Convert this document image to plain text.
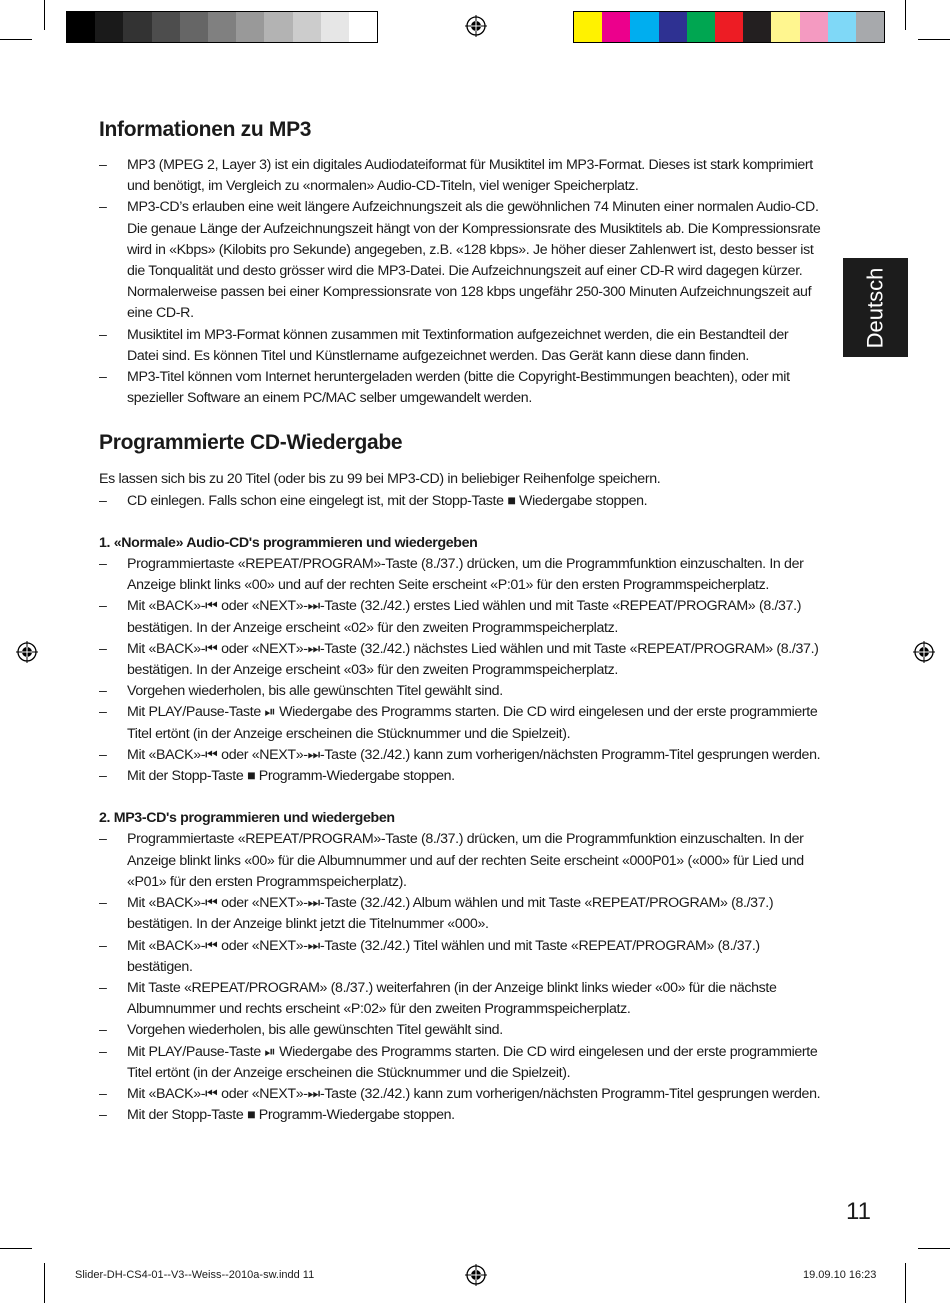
Deutsch
Informationen zu MP3
– MP3 (MPEG 2, Layer 3) ist ein digitales Audiodateiformat für Musiktitel im MP3-Format. Dieses ist stark komprimiert und benötigt, im Vergleich zu «normalen» Audio-CD-Titeln, viel weniger Speicherplatz.
– MP3-CD’s erlauben eine weit längere Aufzeichnungszeit als die gewöhnlichen 74 Minuten einer normalen Audio-CD. Die genaue Länge der Aufzeichnungszeit hängt von der Kompressionsrate des Musiktitels ab. Die Kompressionsrate wird in «Kbps» (Kilobits pro Sekunde) angegeben, z.B. «128 kbps». Je höher dieser Zahlenwert ist, desto besser ist die Tonqualität und desto grösser wird die MP3-Datei. Die Aufzeichnungszeit auf einer CD-R wird dagegen kürzer. Normalerweise passen bei einer Kompressionsrate von 128 kbps ungefähr 250-300 Minuten Aufzeichnungszeit auf eine CD-R.
– Musiktitel im MP3-Format können zusammen mit Textinformation aufgezeichnet werden, die ein Bestandteil der Datei sind. Es können Titel und Künstlername aufgezeichnet werden. Das Gerät kann diese dann finden.
– MP3-Titel können vom Internet heruntergeladen werden (bitte die Copyright-Bestimmungen beachten), oder mit spezieller Software an einem PC/MAC selber umgewandelt werden.
Programmierte CD-Wiedergabe

Es lassen sich bis zu 20 Titel (oder bis zu 99 bei MP3-CD) in beliebiger Reihenfolge speichern.

– CD einlegen. Falls schon eine eingelegt ist, mit der Stopp-Taste ■ Wiedergabe stoppen.
1. «Normale» Audio-CD's programmieren und wiedergeben
– Programmiertaste «REPEAT/PROGRAM»-Taste (8./37.) drücken, um die Programmfunktion einzuschalten. In der Anzeige blinkt links «00» und auf der rechten Seite erscheint «P:01» für den ersten Programmspeicherplatz.
– Mit «BACK»-⏮ oder «NEXT»-⏭-Taste (32./42.) erstes Lied wählen und mit Taste «REPEAT/PROGRAM» (8./37.) bestätigen. In der Anzeige erscheint «02» für den zweiten Programmspeicherplatz.
– Mit «BACK»-⏮ oder «NEXT»-⏭-Taste (32./42.) nächstes Lied wählen und mit Taste «REPEAT/PROGRAM» (8./37.) bestätigen. In der Anzeige erscheint «03» für den zweiten Programmspeicherplatz.
– Vorgehen wiederholen, bis alle gewünschten Titel gewählt sind.
– Mit PLAY/Pause-Taste ⏯ Wiedergabe des Programms starten. Die CD wird eingelesen und der erste programmierte Titel ertönt (in der Anzeige erscheinen die Stücknummer und die Spielzeit).
– Mit «BACK»-⏮ oder «NEXT»-⏭-Taste (32./42.) kann zum vorherigen/nächsten Programm-Titel gesprungen werden.
– Mit der Stopp-Taste ■ Programm-Wiedergabe stoppen.
2. MP3-CD's programmieren und wiedergeben
– Programmiertaste «REPEAT/PROGRAM»-Taste (8./37.) drücken, um die Programmfunktion einzuschalten. In der Anzeige blinkt links «00» für die Albumnummer und auf der rechten Seite erscheint «000P01» («000» für Lied und «P01» für den ersten Programmspeicherplatz).
– Mit «BACK»-⏮ oder «NEXT»-⏭-Taste (32./42.) Album wählen und mit Taste «REPEAT/PROGRAM» (8./37.) bestätigen. In der Anzeige blinkt jetzt die Titelnummer «000».
– Mit «BACK»-⏮ oder «NEXT»-⏭-Taste (32./42.) Titel wählen und mit Taste «REPEAT/PROGRAM» (8./37.) bestätigen.
– Mit Taste «REPEAT/PROGRAM» (8./37.) weiterfahren (in der Anzeige blinkt links wieder «00» für die nächste Albumnummer und rechts erscheint «P:02» für den zweiten Programmspeicherplatz.
– Vorgehen wiederholen, bis alle gewünschten Titel gewählt sind.
– Mit PLAY/Pause-Taste ⏯ Wiedergabe des Programms starten. Die CD wird eingelesen und der erste programmierte Titel ertönt (in der Anzeige erscheinen die Stücknummer und die Spielzeit).
– Mit «BACK»-⏮ oder «NEXT»-⏭-Taste (32./42.) kann zum vorherigen/nächsten Programm-Titel gesprungen werden.
– Mit der Stopp-Taste ■ Programm-Wiedergabe stoppen.
11
Slider-DH-CS4-01--V3--Weiss--2010a-sw.indd 11	19.09.10 16:23
